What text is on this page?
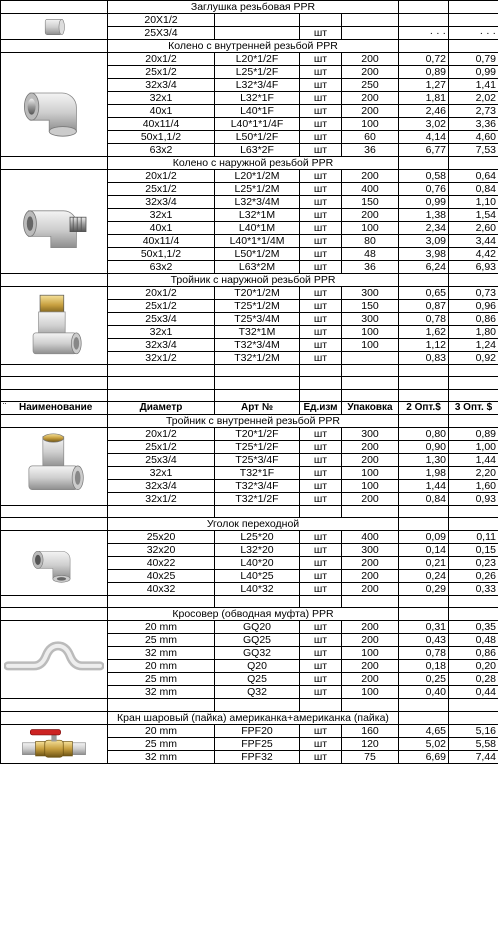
	Заглушка резьбовая PPR					

	20Х1/2					
	25Х3/4		шт		· · ·	· · ·
	Колено с внутренней резьбой PPR					

	20x1/2	L20*1/2F	шт	200	0,72	0,79
	25x1/2	L25*1/2F	шт	200	0,89	0,99
	32x3/4	L32*3/4F	шт	250	1,27	1,41
	32x1	L32*1F	шт	200	1,81	2,02
	40x1	L40*1F	шт	200	2,46	2,73
	40x11/4	L40*1*1/4F	шт	100	3,02	3,36
	50x1,1/2	L50*1/2F	шт	60	4,14	4,60
	63x2	L63*2F	шт	36	6,77	7,53
	Колено с наружной резьбой PPR					

	20x1/2	L20*1/2M	шт	200	0,58	0,64
	25x1/2	L25*1/2M	шт	400	0,76	0,84
	32x3/4	L32*3/4M	шт	150	0,99	1,10
	32x1	L32*1M	шт	200	1,38	1,54
	40x1	L40*1M	шт	100	2,34	2,60
	40x11/4	L40*1*1/4M	шт	80	3,09	3,44
	50x1,1/2	L50*1/2M	шт	48	3,98	4,42
	63x2	L63*2M	шт	36	6,24	6,93
	Тройник с наружной резьбой PPR					

	20x1/2	T20*1/2M	шт	300	0,65	0,73
	25x1/2	T25*1/2M	шт	150	0,87	0,96
	25x3/4	T25*3/4M	шт	300	0,78	0,86
	32x1	T32*1M	шт	100	1,62	1,80
	32x3/4	T32*3/4M	шт	100	1,12	1,24
	32x1/2	T32*1/2M	шт		0,83	0,92

¨ Наименование	Диаметр	Арт №	Ед.изм	Упаковка	2 Опт.$	3 Опт. $
	Тройник с внутренней резьбой PPR					

	20x1/2	T20*1/2F	шт	300	0,80	0,89
	25x1/2	T25*1/2F	шт	200	0,90	1,00
	25x3/4	T25*3/4F	шт	200	1,30	1,44
	32x1	T32*1F	шт	100	1,98	2,20
	32x3/4	T32*3/4F	шт	100	1,44	1,60
	32x1/2	T32*1/2F	шт	200	0,84	0,93

	Уголок переходной					

	25x20	L25*20	шт	400	0,09	0,11
	32x20	L32*20	шт	300	0,14	0,15
	40x22	L40*20	шт	200	0,21	0,23
	40x25	L40*25	шт	200	0,24	0,26
	40x32	L40*32	шт	200	0,29	0,33

	Кросовер (обводная муфта) PPR					

	20 mm	GQ20	шт	200	0,31	0,35
	25 mm	GQ25	шт	200	0,43	0,48
	32 mm	GQ32	шт	100	0,78	0,86
	20 mm	Q20	шт	200	0,18	0,20
	25 mm	Q25	шт	200	0,25	0,28
	32 mm	Q32	шт	100	0,40	0,44

	Кран шаровый (пайка) американка+американка (пайка)					

	20 mm	FPF20	шт	160	4,65	5,16
	25 mm	FPF25	шт	120	5,02	5,58
	32 mm	FPF32	шт	75	6,69	7,44
